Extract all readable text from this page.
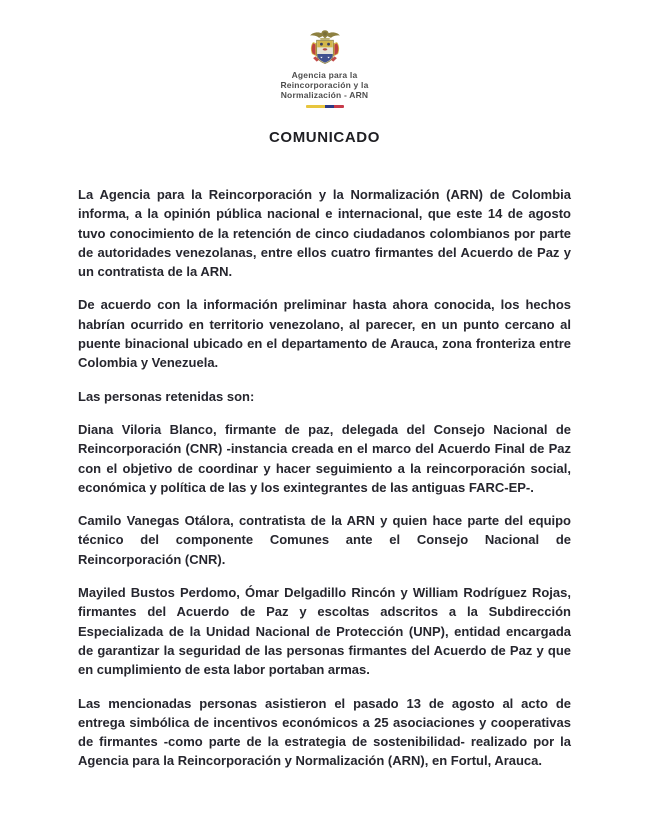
Agencia para la
Reincorporación y la
Normalización - ARN
COMUNICADO

La Agencia para la Reincorporación y la Normalización (ARN) de Colombia informa, a la opinión pública nacional e internacional, que este 14 de agosto tuvo conocimiento de la retención de cinco ciudadanos colombianos por parte de autoridades venezolanas, entre ellos cuatro firmantes del Acuerdo de Paz y un contratista de la ARN.

De acuerdo con la información preliminar hasta ahora conocida, los hechos habrían ocurrido en territorio venezolano, al parecer, en un punto cercano al puente binacional ubicado en el departamento de Arauca, zona fronteriza entre Colombia y Venezuela.

Las personas retenidas son:

Diana Viloria Blanco, firmante de paz, delegada del Consejo Nacional de Reincorporación (CNR) -instancia creada en el marco del Acuerdo Final de Paz con el objetivo de coordinar y hacer seguimiento a la reincorporación social, económica y política de las y los exintegrantes de las antiguas FARC-EP-.

Camilo Vanegas Otálora, contratista de la ARN y quien hace parte del equipo técnico del componente Comunes ante el Consejo Nacional de Reincorporación (CNR).

Mayiled Bustos Perdomo, Ómar Delgadillo Rincón y William Rodríguez Rojas, firmantes del Acuerdo de Paz y escoltas adscritos a la Subdirección Especializada de la Unidad Nacional de Protección (UNP), entidad encargada de garantizar la seguridad de las personas firmantes del Acuerdo de Paz y que en cumplimiento de esta labor portaban armas.

Las mencionadas personas asistieron el pasado 13 de agosto al acto de entrega simbólica de incentivos económicos a 25 asociaciones y cooperativas de firmantes -como parte de la estrategia de sostenibilidad- realizado por la Agencia para la Reincorporación y Normalización (ARN), en Fortul, Arauca.
